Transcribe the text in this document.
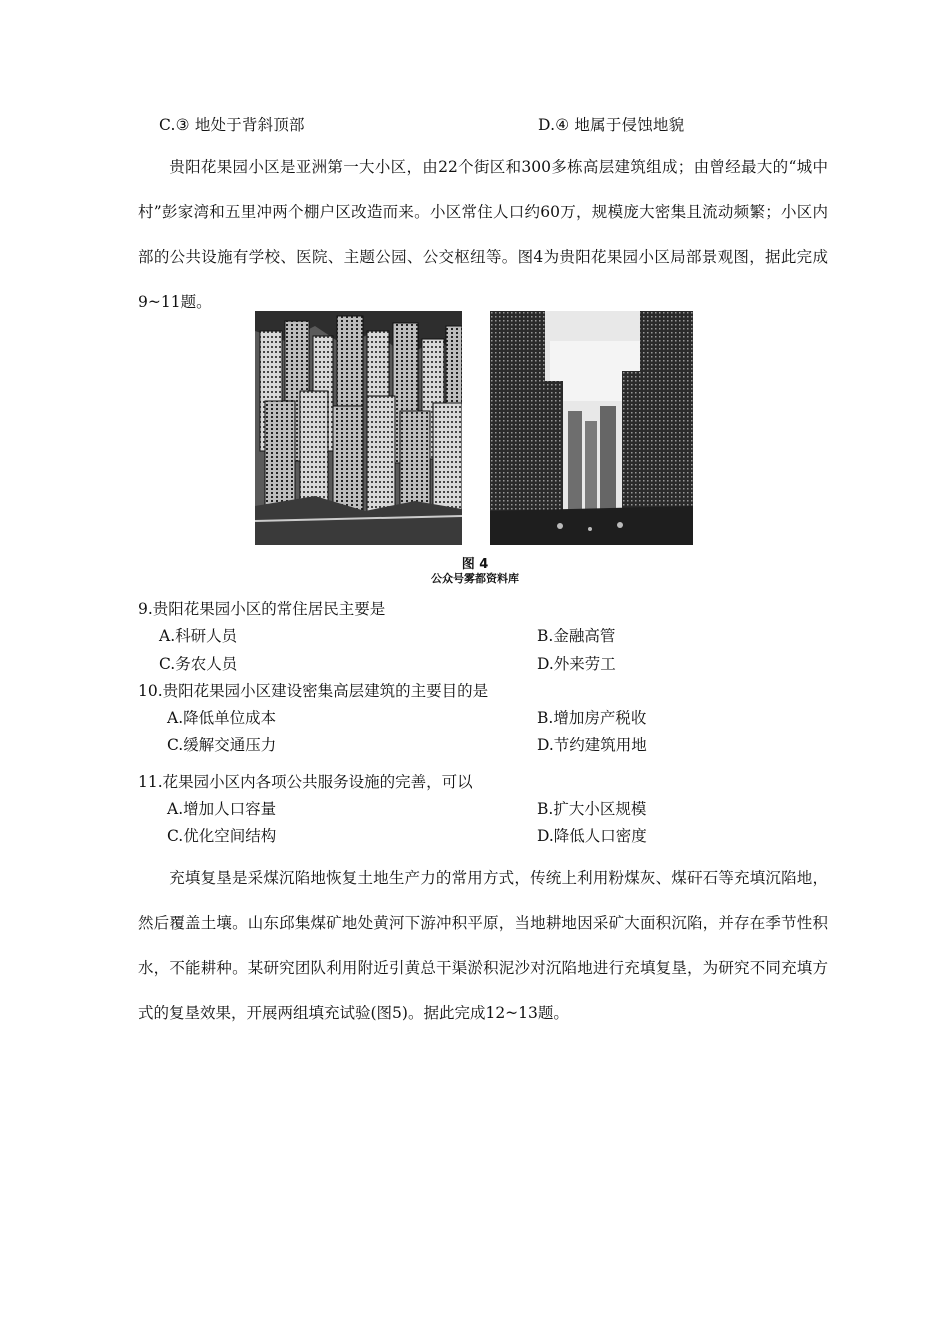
C.③ 地处于背斜顶部	D.④ 地属于侵蚀地貌
贵阳花果园小区是亚洲第一大小区，由22个街区和300多栋高层建筑组成；由曾经最大的“城中村”彭家湾和五里冲两个棚户区改造而来。小区常住人口约60万，规模庞大密集且流动频繁；小区内部的公共设施有学校、医院、主题公园、公交枢纽等。图4为贵阳花果园小区局部景观图，据此完成9~11题。
图 4
公众号雾都资料库
9.贵阳花果园小区的常住居民主要是
A.科研人员	B.金融高管
C.务农人员	D.外来劳工
10.贵阳花果园小区建设密集高层建筑的主要目的是
A.降低单位成本	B.增加房产税收
C.缓解交通压力	D.节约建筑用地
11.花果园小区内各项公共服务设施的完善，可以
A.增加人口容量	B.扩大小区规模
C.优化空间结构	D.降低人口密度
充填复垦是采煤沉陷地恢复土地生产力的常用方式，传统上利用粉煤灰、煤矸石等充填沉陷地，然后覆盖土壤。山东邱集煤矿地处黄河下游冲积平原，当地耕地因采矿大面积沉陷，并存在季节性积水，不能耕种。某研究团队利用附近引黄总干渠淤积泥沙对沉陷地进行充填复垦，为研究不同充填方式的复垦效果，开展两组填充试验(图5)。据此完成12~13题。
